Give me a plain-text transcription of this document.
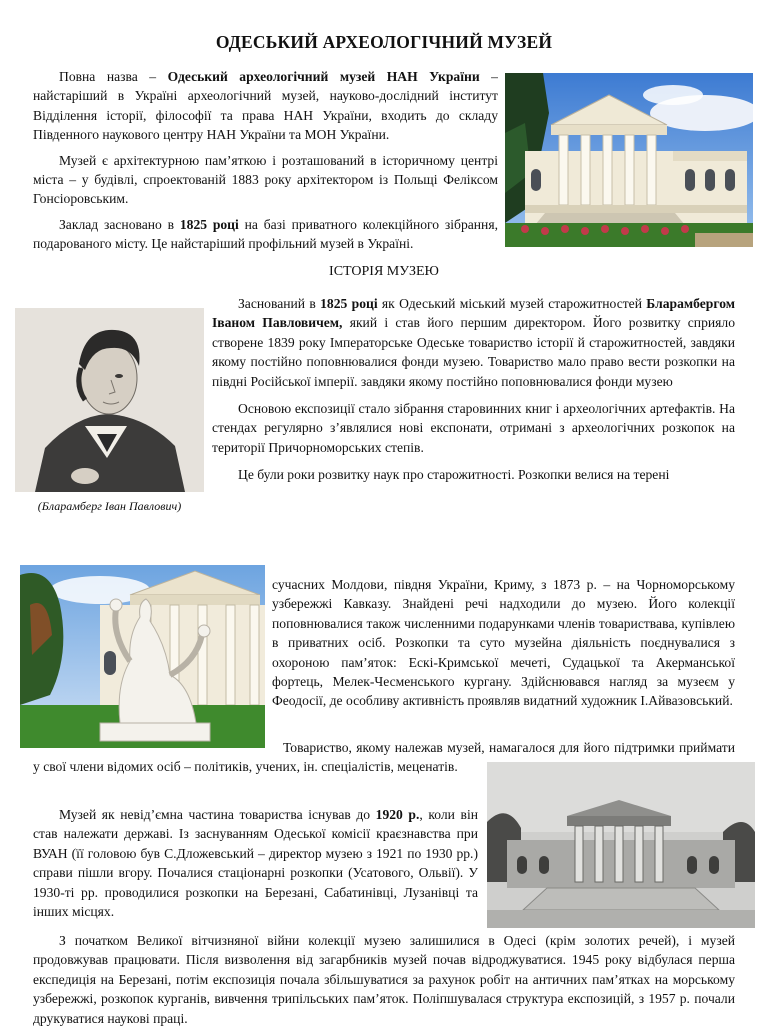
ОДЕСЬКИЙ АРХЕОЛОГІЧНИЙ МУЗЕЙ

Повна назва – Одеський археологічний музей НАН України – найстаріший в Україні археологічний музей, науково-дослідний інститут Відділення історії, філософії та права НАН України, входить до складу Південного наукового центру НАН України та МОН України.

Музей є архітектурною пам’яткою і розташований в історичному центрі міста – у будівлі, спроектованій 1883 року архітектором із Польщі Феліксом Гонсіоровським.

Заклад засновано в 1825 році на базі приватного колекційного зібрання, подарованого місту. Це найстаріший профільний музей в Україні.

ІСТОРІЯ МУЗЕЮ
(Бларамберг Іван Павлович)

Заснований в 1825 році як Одеський міський музей старожитностей Бларамбергом Іваном Павловичем, який і став його першим директором. Його розвитку сприяло створене 1839 року Імператорське Одеське товариство історії й старожитностей, завдяки якому постійно поповнювалися фонди музею. Товариство мало право вести розкопки на півдні Російської імперії. завдяки якому постійно поповнювалися фонди музею

Основою експозиції стало зібрання старовинних книг і археологічних артефактів. На стендах регулярно з’являлися нові експонати, отримані з археологічних розкопок на території Причорноморських степів.

Це були роки розвитку наук про старожитності. Розкопки велися на терені

сучасних Молдови, півдня України, Криму, з 1873 р. – на Чорноморському узбережжі Кавказу. Знайдені речі надходили до музею. Його колекції поповнювалися також численними подарунками членів товариствава, купівлею в приватних осіб. Розкопки та суто музейна діяльність поєднувалися з охороною пам’яток: Ескі-Кримської мечеті, Судацької та Акерманської фортець, Мелек-Чесменського кургану. Здійснювався нагляд за музеєм у Феодосії, де особливу активність проявляв видатний художник І.Айвазовський.

Товариство, якому належав музей, намагалося для його підтримки приймати у свої члени відомих осіб – політиків, учених, ін. спеціалістів, меценатів.

Музей як невід’ємна частина товариства існував до 1920 р., коли він став належати державі. Із заснуванням Одеської комісії краєзнавства при ВУАН (її головою був С.Дложевський – директор музею з 1921 по 1930 рр.) справи пішли вгору. Почалися стаціонарні розкопки (Усатового, Ольвії). У 1930-ті рр. проводилися розкопки на Березані, Сабатинівці, Лузанівці та інших місцях.

З початком Великої вітчизняної війни колекції музею залишилися в Одесі (крім золотих речей), і музей продовжував працювати. Після визволення від загарбників музей почав відроджуватися. 1945 року відбулася перша експедиція на Березані, потім експозиція почала збільшуватися за рахунок робіт на античних пам’ятках на морському узбережжі, розкопок курганів, вивчення трипільських пам’яток. Поліпшувалася структура експозицій, з 1957 р. почали друкуватися наукові праці.
